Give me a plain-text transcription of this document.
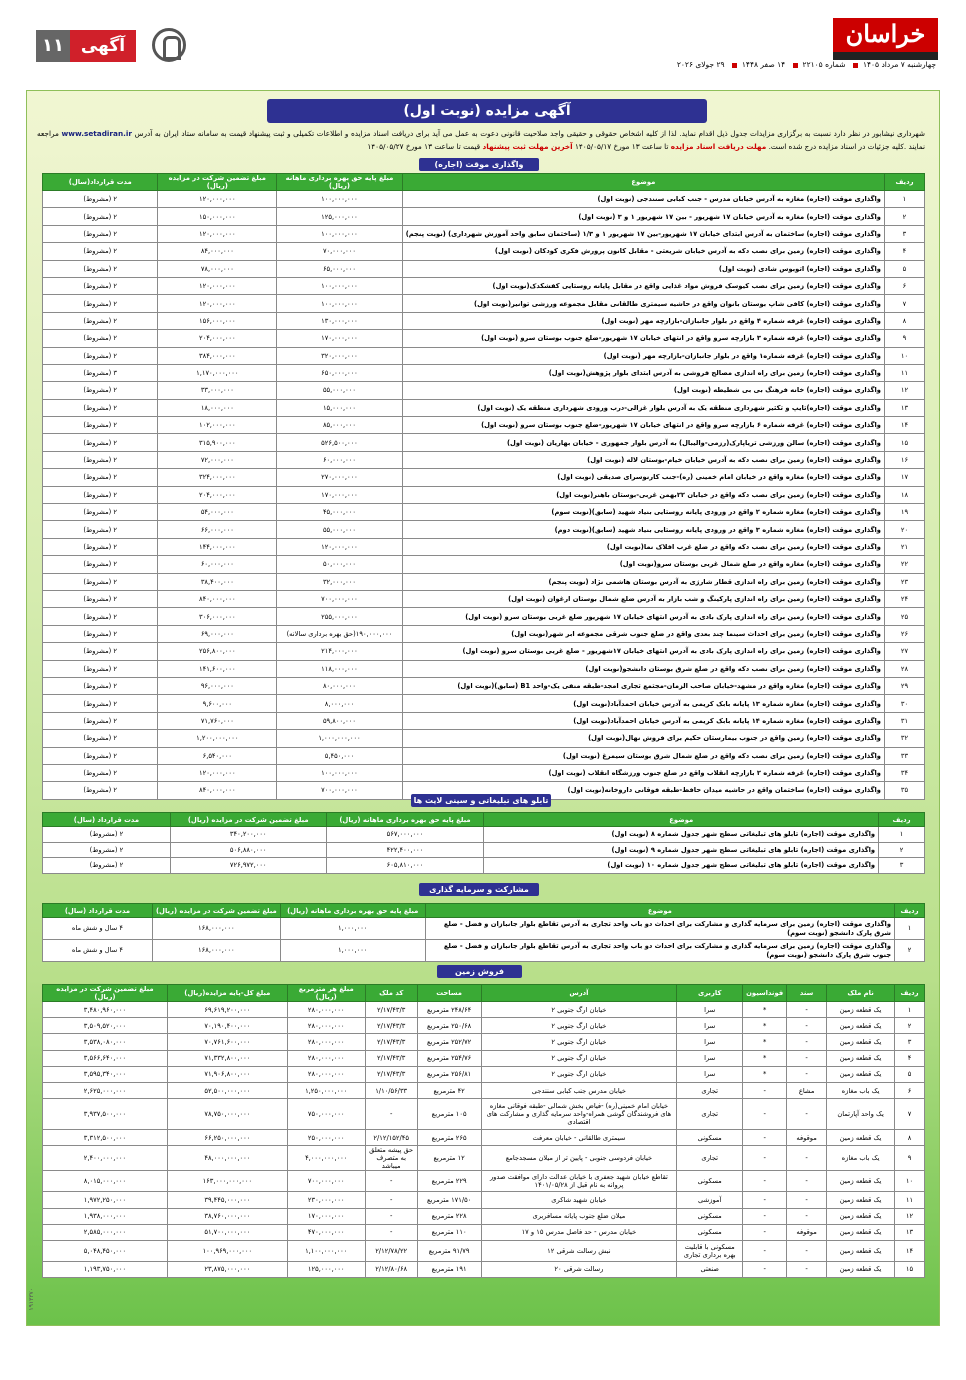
خراسان
چهارشنبه ۷ مرداد ۱۴۰۵ شماره ۲۲۱۰۵ ۱۴ صفر ۱۴۴۸ ۲۹ جولای ۲۰۲۶
آگهی
۱۱
آگهی مزایده (نوبت اول)
شهرداری نیشابور در نظر دارد نسبت به برگزاری مزایدات جدول ذیل اقدام نماید. لذا از کلیه اشخاص حقوقی و حقیقی واجد صلاحیت قانونی دعوت به عمل می آید برای دریافت اسناد مزایده و اطلاعات تکمیلی و ثبت پیشنهاد قیمت به سامانه ستاد ایران به آدرس www.setadiran.ir مراجعه نمایند .کلیه جزئیات در اسناد مزایده درج شده است. مهلت دریافت اسناد مزایده تا ساعت ۱۳ مورخ ۱۴۰۵/۰۵/۱۷ آخرین مهلت ثبت پیشنهاد قیمت تا ساعت ۱۳ مورخ ۱۴۰۵/۰۵/۲۷
واگذاری موقت (اجاره)
ردیف	موضوع	مبلغ پایه حق بهره برداری ماهانه (ریال)	مبلغ تضمین شرکت در مزایده (ریال)	مدت قرارداد(سال)
۱	واگذاری موقت (اجاره) مغازه به آدرس خیابان مدرس - جنب کبابی سنندجی (نوبت اول)	۱۰۰,۰۰۰,۰۰۰	۱۲۰,۰۰۰,۰۰۰	۲ (مشروط)
۲	واگذاری موقت (اجاره) مغازه به آدرس خیابان ۱۷ شهریور - بین ۱۷ شهریور ۱ و ۳ (نوبت اول)	۱۲۵,۰۰۰,۰۰۰	۱۵۰,۰۰۰,۰۰۰	۲ (مشروط)
۳	واگذاری موقت (اجاره) ساختمان به آدرس ابتدای خیابان ۱۷ شهریور-بین ۱۷ شهریور ۱ و ۱/۳ (ساختمان سابق واحد آموزش شهرداری) (نوبت پنجم)	۱۰۰,۰۰۰,۰۰۰	۱۲۰,۰۰۰,۰۰۰	۲ (مشروط)
۴	واگذاری موقت (اجاره) زمین برای نصب دکه به آدرس خیابان شریعتی - مقابل کانون پرورش فکری کودکان (نوبت اول)	۷۰,۰۰۰,۰۰۰	۸۴,۰۰۰,۰۰۰	۲ (مشروط)
۵	واگذاری موقت (اجاره) اتوبوس شادی (نوبت اول)	۶۵,۰۰۰,۰۰۰	۷۸,۰۰۰,۰۰۰	۲ (مشروط)
۶	واگذاری موقت (اجاره) زمین برای نصب کیوسک فروش مواد غذایی واقع در مقابل پایانه روستایی کفشکدک(نوبت اول)	۱۰۰,۰۰۰,۰۰۰	۱۲۰,۰۰۰,۰۰۰	۲ (مشروط)
۷	واگذاری موقت (اجاره) کافی شاپ بوستان بانوان واقع در حاشیه سیمتری طالقانی مقابل مجموعه ورزشی توانیر(نوبت اول)	۱۰۰,۰۰۰,۰۰۰	۱۲۰,۰۰۰,۰۰۰	۲ (مشروط)
۸	واگذاری موقت (اجاره) غرفه شماره ۴ واقع در بلوار جانبازان-بازارچه مهر (نوبت اول)	۱۳۰,۰۰۰,۰۰۰	۱۵۶,۰۰۰,۰۰۰	۲ (مشروط)
۹	واگذاری موقت (اجاره) غرفه شماره ۳ بازارچه سرو واقع در انتهای خیابان ۱۷ شهریور-ضلع جنوب بوستان سرو (نوبت اول)	۱۷۰,۰۰۰,۰۰۰	۲۰۴,۰۰۰,۰۰۰	۲ (مشروط)
۱۰	واگذاری موقت (اجاره) غرفه شماره۱ واقع در بلوار جانبازان-بازارچه مهر (نوبت اول)	۳۲۰,۰۰۰,۰۰۰	۳۸۴,۰۰۰,۰۰۰	۲ (مشروط)
۱۱	واگذاری موقت (اجاره) زمین برای راه اندازی مصالح فروشی به آدرس ابتدای بلوار پژوهش(نوبت اول)	۶۵۰,۰۰۰,۰۰۰	۱,۱۷۰,۰۰۰,۰۰۰	۳ (مشروط)
۱۲	واگذاری موقت (اجاره) خانه فرهنگ بی بی شطیطه (نوبت اول)	۵۵,۰۰۰,۰۰۰	۳۳,۰۰۰,۰۰۰	۲ (مشروط)
۱۳	واگذاری موقت (اجاره)تایپ و تکثیر شهرداری منطقه یک به آدرس بلوار غزالی-درب ورودی شهرداری منطقه یک (نوبت اول)	۱۵,۰۰۰,۰۰۰	۱۸,۰۰۰,۰۰۰	۲ (مشروط)
۱۴	واگذاری موقت (اجاره) غرفه شماره ۶ بازارچه سرو واقع در انتهای خیابان ۱۷ شهریور-ضلع جنوب بوستان سرو (نوبت اول)	۸۵,۰۰۰,۰۰۰	۱۰۲,۰۰۰,۰۰۰	۲ (مشروط)
۱۵	واگذاری موقت (اجاره) سالن ورزشی تریاپارک(رزمی-والیبال) به آدرس بلوار جمهوری - خیابان بهاریان (نوبت اول)	۵۲۶,۵۰۰,۰۰۰	۳۱۵,۹۰۰,۰۰۰	۲ (مشروط)
۱۶	واگذاری موقت (اجاره) زمین برای نصب دکه به آدرس خیابان خیام-بوستان لاله (نوبت اول)	۶۰,۰۰۰,۰۰۰	۷۲,۰۰۰,۰۰۰	۲ (مشروط)
۱۷	واگذاری موقت (اجاره) مغازه واقع در خیابان امام خمینی (ره)-جنب کارنوسرای صدیقی (نوبت اول)	۲۷۰,۰۰۰,۰۰۰	۳۲۴,۰۰۰,۰۰۰	۲ (مشروط)
۱۸	واگذاری موقت (اجاره) زمین برای نصب دکه واقع در خیابان ۲۲بهمن غربی-بوستان باهنر(نوبت اول)	۱۷۰,۰۰۰,۰۰۰	۲۰۴,۰۰۰,۰۰۰	۲ (مشروط)
۱۹	واگذاری موقت (اجاره) مغازه شماره ۲ واقع در ورودی پایانه روستایی بنیاد شهید (سابق)(نوبت سوم)	۴۵,۰۰۰,۰۰۰	۵۴,۰۰۰,۰۰۰	۲ (مشروط)
۲۰	واگذاری موقت (اجاره) مغازه شماره ۳ واقع در ورودی پایانه روستایی بنیاد شهید (سابق)(نوبت دوم)	۵۵,۰۰۰,۰۰۰	۶۶,۰۰۰,۰۰۰	۲ (مشروط)
۲۱	واگذاری موقت (اجاره) زمین برای نصب دکه واقع در ضلع غرب افلاک نما(نوبت اول)	۱۲۰,۰۰۰,۰۰۰	۱۴۴,۰۰۰,۰۰۰	۲ (مشروط)
۲۲	واگذاری موقت (اجاره) مغازه واقع در ضلع شمال غربی بوستان سرو(نوبت اول)	۵۰,۰۰۰,۰۰۰	۶۰,۰۰۰,۰۰۰	۲ (مشروط)
۲۳	واگذاری موقت (اجاره) زمین برای راه اندازی قطار شارژی به آدرس بوستان هاشمی نژاد (نوبت پنجم)	۳۲,۰۰۰,۰۰۰	۳۸,۴۰۰,۰۰۰	۲ (مشروط)
۲۴	واگذاری موقت (اجاره) زمین برای راه اندازی پارکینگ و شب بازار به آدرس ضلع شمال بوستان ارغوان (نوبت اول)	۷۰۰,۰۰۰,۰۰۰	۸۴۰,۰۰۰,۰۰۰	۲ (مشروط)
۲۵	واگذاری موقت (اجاره) زمین برای راه اندازی پارک بادی به آدرس انتهای خیابان ۱۷ شهریور ضلع غربی بوستان سرو (نوبت اول)	۲۵۵,۰۰۰,۰۰۰	۳۰۶,۰۰۰,۰۰۰	۲ (مشروط)
۲۶	واگذاری موقت (اجاره) زمین برای احداث سینما چند بعدی واقع در ضلع جنوب شرقی مجموعه ابر شهر(نوبت اول)	۱۹۰,۰۰۰,۰۰۰(حق بهره برداری سالانه)	۶۹,۰۰۰,۰۰۰	۲ (مشروط)
۲۷	واگذاری موقت (اجاره) زمین برای راه اندازی پارک بادی به آدرس انتهای خیابان ۱۷شهریور - ضلع غربی بوستان سرو (نوبت اول)	۲۱۴,۰۰۰,۰۰۰	۲۵۶,۸۰۰,۰۰۰	۲ (مشروط)
۲۸	واگذاری موقت (اجاره) زمین برای نصب دکه واقع در ضلع شرق بوستان دانشجو(نوبت اول)	۱۱۸,۰۰۰,۰۰۰	۱۴۱,۶۰۰,۰۰۰	۲ (مشروط)
۲۹	واگذاری موقت (اجاره) مغازه واقع در مشهد-خیابان صاحب الزمان-مجتمع تجاری امجد-طبقه منفی یک-واحد B1 (سابق)(نوبت اول)	۸۰,۰۰۰,۰۰۰	۹۶,۰۰۰,۰۰۰	۲ (مشروط)
۳۰	واگذاری موقت (اجاره) مغازه شماره ۱۳ پایانه بابک کریمی به آدرس خیابان احمدآباد(نوبت اول)	۸,۰۰۰,۰۰۰	۹,۶۰۰,۰۰۰	۲ (مشروط)
۳۱	واگذاری موقت (اجاره) مغازه شماره ۱۴ پایانه بابک کریمی به آدرس خیابان احمدآباد(نوبت اول)	۵۹,۸۰۰,۰۰۰	۷۱,۷۶۰,۰۰۰	۲ (مشروط)
۳۲	واگذاری موقت (اجاره) زمین واقع در جنوب بیمارستان حکیم برای فروش نهال(نوبت اول)	۱,۰۰۰,۰۰۰,۰۰۰	۱,۲۰۰,۰۰۰,۰۰۰	۲ (مشروط)
۳۳	واگذاری موقت (اجاره) زمین برای نصب دکه واقع در ضلع شمال شرق بوستان سیمرغ (نوبت اول)	۵,۴۵۰,۰۰۰	۶,۵۴۰,۰۰۰	۲ (مشروط)
۳۴	واگذاری موقت (اجاره) غرفه شماره ۲ بازارچه انقلاب واقع در ضلع جنوب ورزشگاه انقلاب (نوبت اول)	۱۰۰,۰۰۰,۰۰۰	۱۲۰,۰۰۰,۰۰۰	۲ (مشروط)
۳۵	واگذاری موقت (اجاره) ساختمان واقع در حاشیه میدان حافظ-طبقه فوقانی داروخانه(نوبت اول)	۷۰۰,۰۰۰,۰۰۰	۸۴۰,۰۰۰,۰۰۰	۲ (مشروط)
تابلو های تبلیغاتی و سینی لایت ها
ردیف	موضوع	مبلغ پایه حق بهره برداری ماهانه (ریال)	مبلغ تضمین شرکت در مزایده (ریال)	مدت قرارداد (سال)
۱	واگذاری موقت (اجاره) تابلو های تبلیغاتی سطح شهر جدول شماره ۸ (نوبت اول)	۵۶۷,۰۰۰,۰۰۰	۳۴۰,۲۰۰,۰۰۰	۲ (مشروط)
۲	واگذاری موقت (اجاره) تابلو های تبلیغاتی سطح شهر جدول شماره ۹ (نوبت اول)	۴۲۲,۴۰۰,۰۰۰	۵۰۶,۸۸۰,۰۰۰	۲ (مشروط)
۳	واگذاری موقت (اجاره) تابلو های تبلیغاتی سطح شهر جدول شماره ۱۰ (نوبت اول)	۶۰۵,۸۱۰,۰۰۰	۷۲۶,۹۷۲,۰۰۰	۲ (مشروط)
مشارکت و سرمایه گذاری
ردیف	موضوع	مبلغ پایه حق بهره برداری ماهانه (ریال)	مبلغ تضمین شرکت در مزایده (ریال)	مدت قرارداد (سال)
۱	واگذاری موقت (اجاره) زمین برای سرمایه گذاری و مشارکت برای احداث دو باب واحد تجاری به آدرس تقاطع بلوار جانبازان و فضل - ضلع شرق پارک دانشجو (نوبت سوم)	۱,۰۰۰,۰۰۰	۱۶۸,۰۰۰,۰۰۰	۴ سال و شش ماه
۲	واگذاری موقت (اجاره) زمین برای سرمایه گذاری و مشارکت برای احداث دو باب واحد تجاری به آدرس تقاطع بلوار جانبازان و فضل - ضلع جنوب شرق پارک دانشجو (نوبت سوم)	۱,۰۰۰,۰۰۰	۱۶۸,۰۰۰,۰۰۰	۴ سال و شش ماه
فروش زمین
ردیف	نام ملک	سند	فونداسیون	کاربری	آدرس	مساحت	کد ملک	مبلغ هر مترمربع (ریال)	مبلغ کل-پایه مزایده(ریال)	مبلغ تضمین شرکت در مزایده (ریال)
۱	یک قطعه زمین	-	*	سرا	خیابان ارگ جنوبی ۲	۲۴۸/۶۴ مترمربع	۲/۱۷/۴۳/۳	۲۸۰,۰۰۰,۰۰۰	۶۹,۶۱۹,۲۰۰,۰۰۰	۳,۴۸۰,۹۶۰,۰۰۰
۲	یک قطعه زمین	-	*	سرا	خیابان ارگ جنوبی ۲	۲۵۰/۶۸ مترمربع	۲/۱۷/۴۳/۳	۲۸۰,۰۰۰,۰۰۰	۷۰,۱۹۰,۴۰۰,۰۰۰	۳,۵۰۹,۵۲۰,۰۰۰
۳	یک قطعه زمین	-	*	سرا	خیابان ارگ جنوبی ۲	۲۵۲/۷۲ مترمربع	۲/۱۷/۴۳/۳	۲۸۰,۰۰۰,۰۰۰	۷۰,۷۶۱,۶۰۰,۰۰۰	۳,۵۳۸,۰۸۰,۰۰۰
۴	یک قطعه زمین	-	*	سرا	خیابان ارگ جنوبی ۲	۲۵۴/۷۶ مترمربع	۲/۱۷/۴۳/۳	۲۸۰,۰۰۰,۰۰۰	۷۱,۳۳۲,۸۰۰,۰۰۰	۳,۵۶۶,۶۴۰,۰۰۰
۵	یک قطعه زمین	-	*	سرا	خیابان ارگ جنوبی ۲	۲۵۶/۸۱ مترمربع	۲/۱۷/۴۳/۳	۲۸۰,۰۰۰,۰۰۰	۷۱,۹۰۶,۸۰۰,۰۰۰	۳,۵۹۵,۳۴۰,۰۰۰
۶	یک باب مغازه	مشاع	-	تجاری	خیابان مدرس جنب کبابی سنندجی	۴۲ مترمربع	۱/۱۰/۵۶/۳۳	۱,۲۵۰,۰۰۰,۰۰۰	۵۲,۵۰۰,۰۰۰,۰۰۰	۲,۶۲۵,۰۰۰,۰۰۰
۷	یک واحد آپارتمان	-	-	تجاری	خیابان امام خمینی(ره) -فیاض بخش شمالی -طبقه فوقانی مغازه های فروشندگان گوشی همراه-واحد سرمایه گذاری و مشارکت های اقتصادی	۱۰۵ مترمربع	-	۷۵۰,۰۰۰,۰۰۰	۷۸,۷۵۰,۰۰۰,۰۰۰	۳,۹۳۷,۵۰۰,۰۰۰
۸	یک قطعه زمین	موقوفه	-	مسکونی	سیمتری طالقانی - خیابان معرفت	۲۶۵ مترمربع	۲/۱۲/۱۵۲/۴۵	۲۵۰,۰۰۰,۰۰۰	۶۶,۲۵۰,۰۰۰,۰۰۰	۳,۳۱۲,۵۰۰,۰۰۰
۹	یک باب مغازه	-	-	تجاری	خیابان فردوسی جنوبی - پایین تر از میلان مسجدجامع	۱۲ مترمربع	حق پیشه متعلق به متصرف میباشد	۴,۰۰۰,۰۰۰,۰۰۰	۴۸,۰۰۰,۰۰۰,۰۰۰	۲,۴۰۰,۰۰۰,۰۰۰
۱۰	یک قطعه زمین	-	-	مسکونی	تقاطع خیابان شهید جعفری با خیابان عدالت دارای موافقت صدور پروانه به نام قبل از ۱۴۰۱/۰۵/۲۸	۲۲۹ مترمربع	-	۷۰۰,۰۰۰,۰۰۰	۱۶۳,۰۰۰,۰۰۰,۰۰۰	۸,۰۱۵,۰۰۰,۰۰۰
۱۱	یک قطعه زمین	-	-	آموزشی	خیابان شهید شاکری	۱۷۱/۵۰ مترمربع	-	۲۳۰,۰۰۰,۰۰۰	۳۹,۴۴۵,۰۰۰,۰۰۰	۱,۹۷۲,۲۵۰,۰۰۰
۱۲	یک قطعه زمین	-	-	مسکونی	میلان ضلع جنوب پایانه مسافربری	۲۲۸ مترمربع	-	۱۷۰,۰۰۰,۰۰۰	۳۸,۷۶۰,۰۰۰,۰۰۰	۱,۹۳۸,۰۰۰,۰۰۰
۱۳	یک قطعه زمین	موقوفه	-	مسکونی	خیابان مدرس - حد فاصل مدرس ۱۵ و ۱۷	۱۱۰ مترمربع	-	۴۷۰,۰۰۰,۰۰۰	۵۱,۷۰۰,۰۰۰,۰۰۰	۲,۵۸۵,۰۰۰,۰۰۰
۱۴	یک قطعه زمین	-	-	مسکونی با قابلیت بهره برداری تجاری	نبش رسالت شرقی ۱۲	۹۱/۷۹ مترمربع	۲/۱۲/۷۸/۲۲	۱,۱۰۰,۰۰۰,۰۰۰	۱۰۰,۹۶۹,۰۰۰,۰۰۰	۵,۰۴۸,۴۵۰,۰۰۰
۱۵	یک قطعه زمین	-	-	صنعتی	رسالت شرقی ۲۰	۱۹۱ مترمربع	۲/۱۲/۸۰/۶۸	۱۲۵,۰۰۰,۰۰۰	۲۳,۸۷۵,۰۰۰,۰۰۰	۱,۱۹۳,۷۵۰,۰۰۰
۱۹۱۳۳۷۰
